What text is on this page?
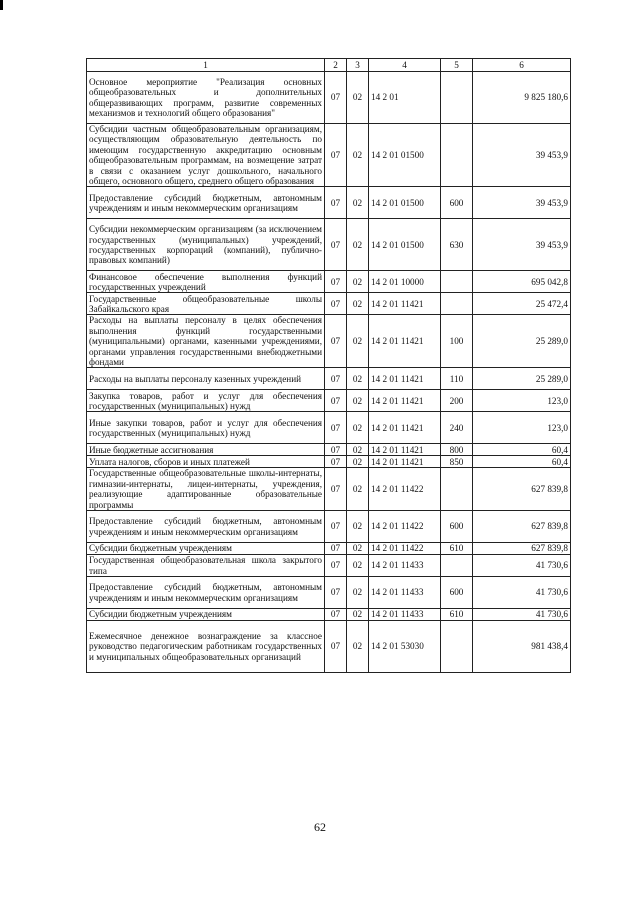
1	2	3	4	5	6
Основное мероприятие "Реализация основных общеобразовательных и дополнительных общеразвивающих программ, развитие современных механизмов и технологий общего образования"	07	02	14 2 01		9 825 180,6
Субсидии частным общеобразовательным организациям, осуществляющим образовательную деятельность по имеющим государственную аккредитацию основным общеобразовательным программам, на возмещение затрат в связи с оказанием услуг дошкольного, начального общего, основного общего, среднего общего образования	07	02	14 2 01 01500		39 453,9
Предоставление субсидий бюджетным, автономным учреждениям и иным некоммерческим организациям	07	02	14 2 01 01500	600	39 453,9
Субсидии некоммерческим организациям (за исключением государственных (муниципальных) учреждений, государственных корпораций (компаний), публично-правовых компаний)	07	02	14 2 01 01500	630	39 453,9
Финансовое обеспечение выполнения функций государственных учреждений	07	02	14 2 01 10000		695 042,8
Государственные общеобразовательные школы Забайкальского края	07	02	14 2 01 11421		25 472,4
Расходы на выплаты персоналу в целях обеспечения выполнения функций государственными (муниципальными) органами, казенными учреждениями, органами управления государственными внебюджетными фондами	07	02	14 2 01 11421	100	25 289,0
Расходы на выплаты персоналу казенных учреждений	07	02	14 2 01 11421	110	25 289,0
Закупка товаров, работ и услуг для обеспечения государственных (муниципальных) нужд	07	02	14 2 01 11421	200	123,0
Иные закупки товаров, работ и услуг для обеспечения государственных (муниципальных) нужд	07	02	14 2 01 11421	240	123,0
Иные бюджетные ассигнования	07	02	14 2 01 11421	800	60,4
Уплата налогов, сборов и иных платежей	07	02	14 2 01 11421	850	60,4
Государственные общеобразовательные школы-интернаты, гимназии-интернаты, лицеи-интернаты, учреждения, реализующие адаптированные образовательные программы	07	02	14 2 01 11422		627 839,8
Предоставление субсидий бюджетным, автономным учреждениям и иным некоммерческим организациям	07	02	14 2 01 11422	600	627 839,8
Субсидии бюджетным учреждениям	07	02	14 2 01 11422	610	627 839,8
Государственная общеобразовательная школа закрытого типа	07	02	14 2 01 11433		41 730,6
Предоставление субсидий бюджетным, автономным учреждениям и иным некоммерческим организациям	07	02	14 2 01 11433	600	41 730,6
Субсидии бюджетным учреждениям	07	02	14 2 01 11433	610	41 730,6
Ежемесячное денежное вознаграждение за классное руководство педагогическим работникам государственных и муниципальных общеобразовательных организаций	07	02	14 2 01 53030		981 438,4
62
